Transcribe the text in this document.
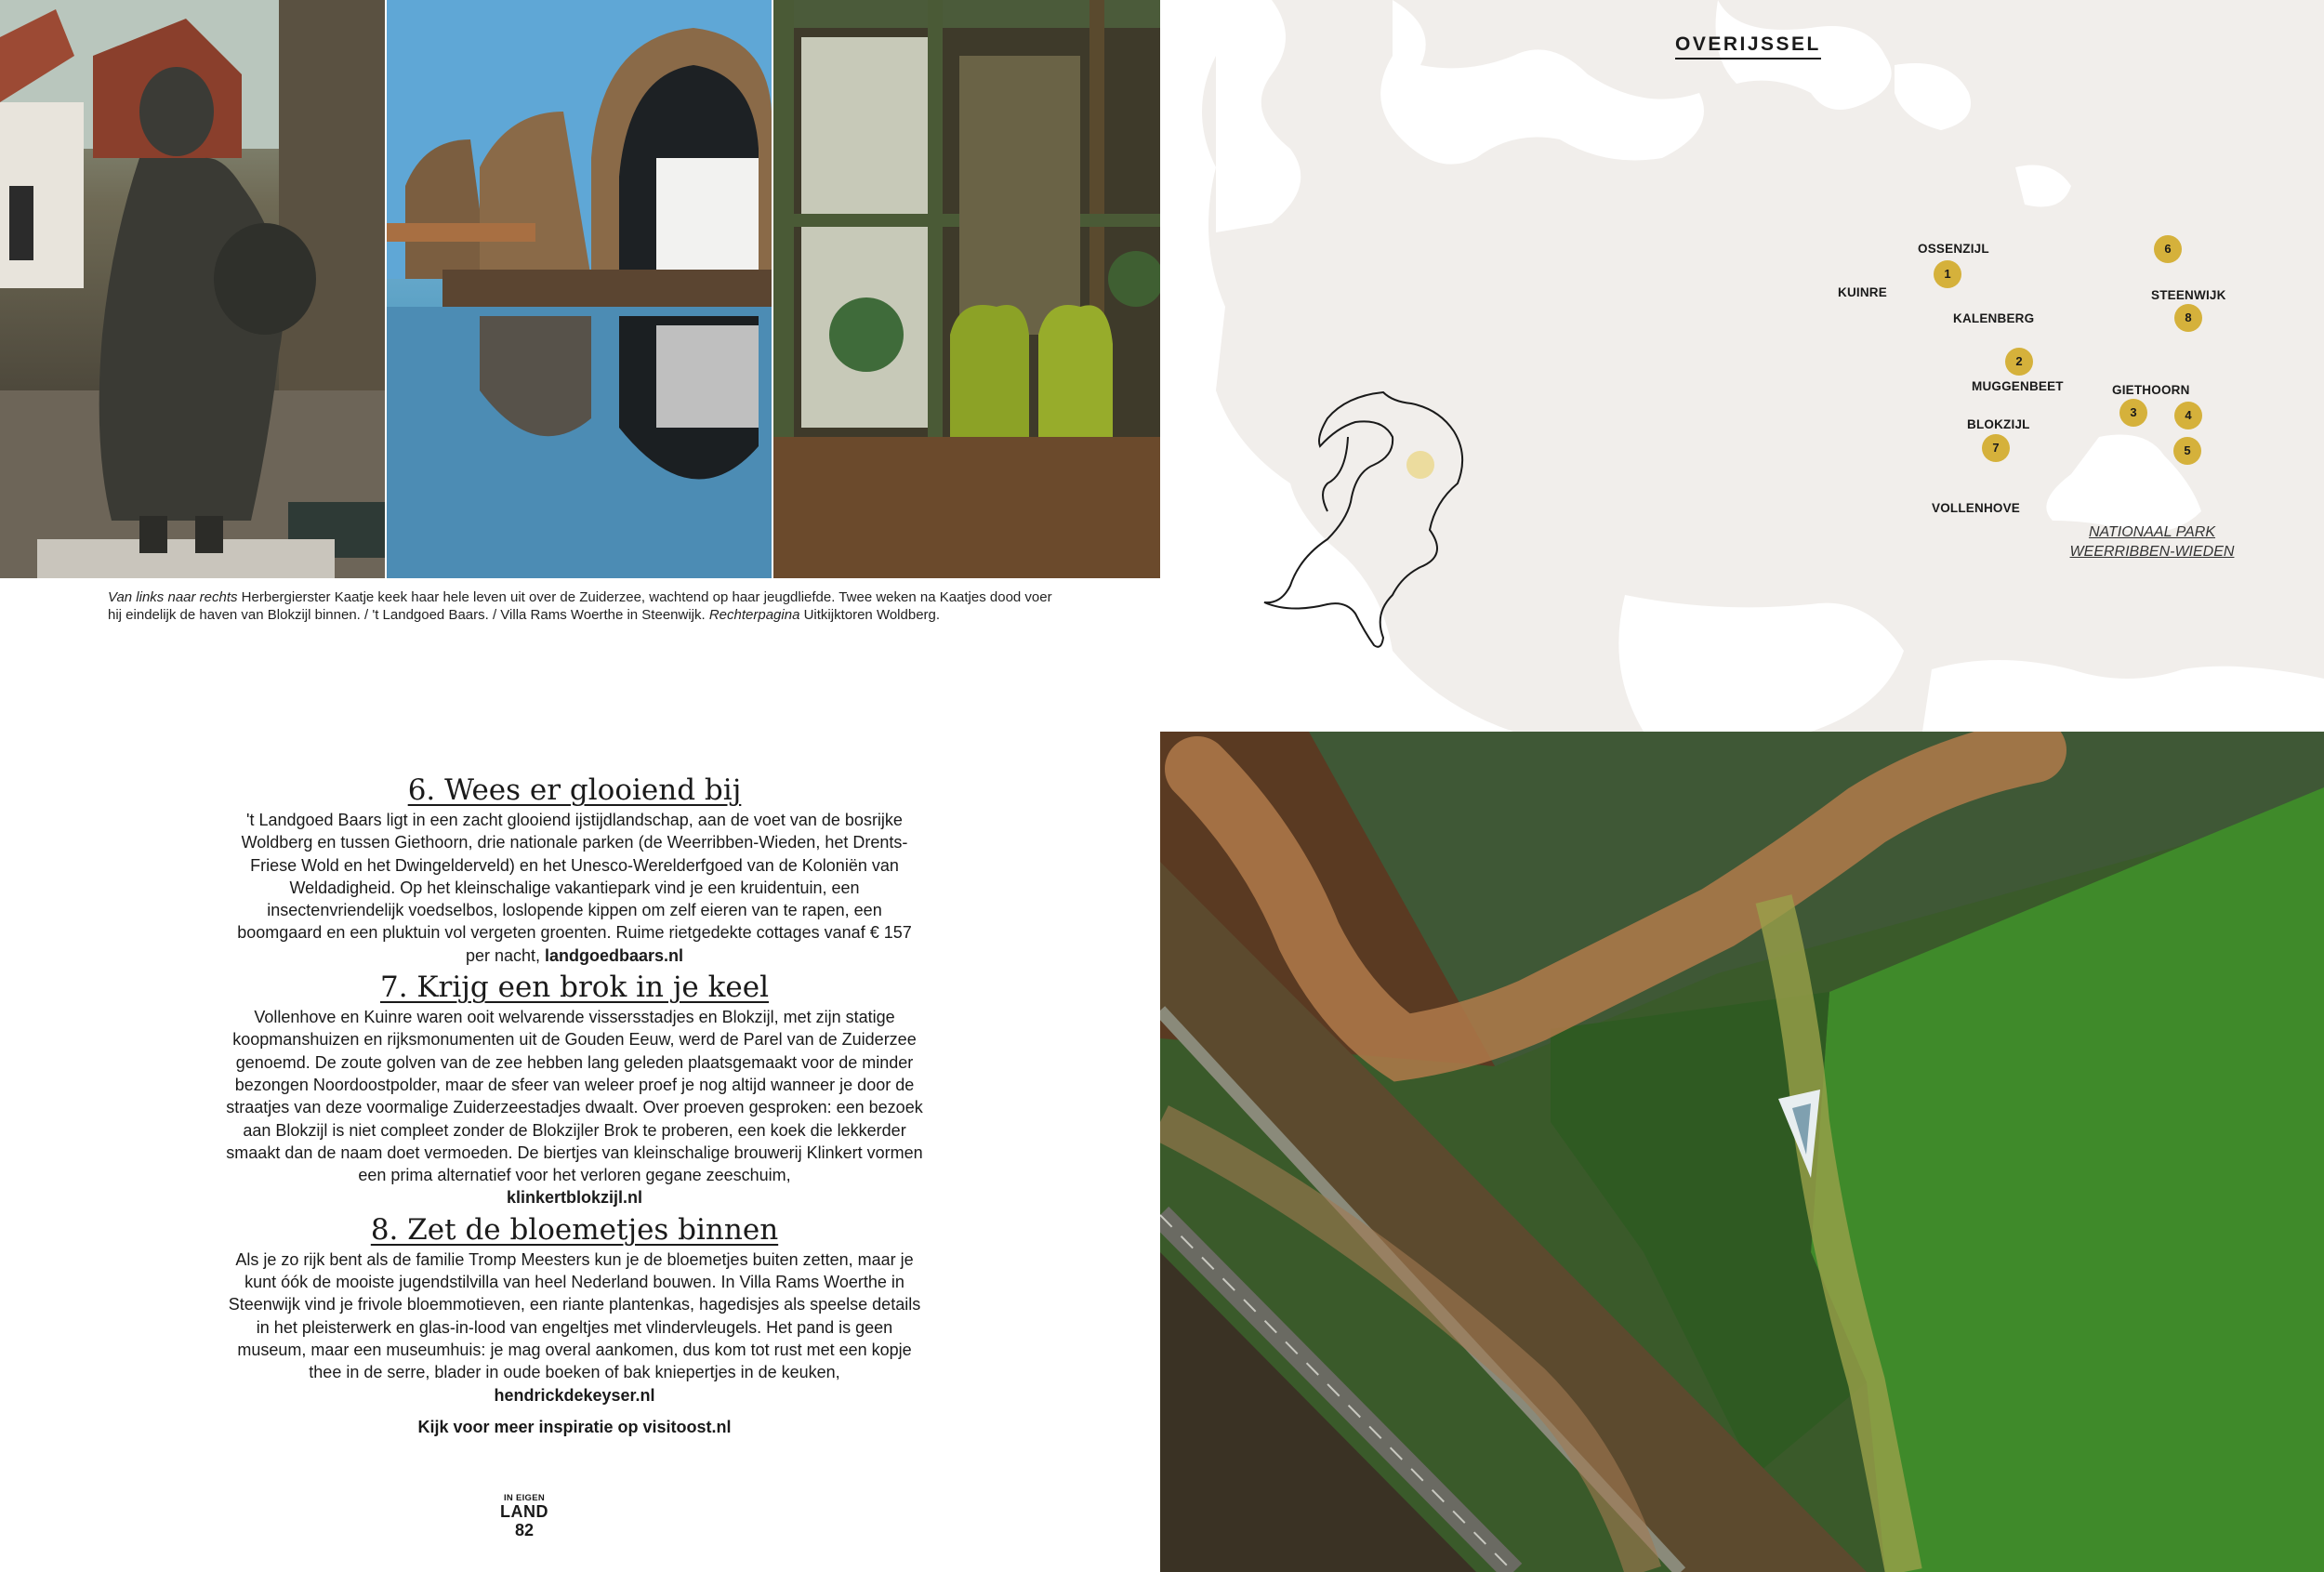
Van links naar rechts Herbergierster Kaatje keek haar hele leven uit over de Zuiderzee, wachtend op haar jeugdliefde. Twee weken na Kaatjes dood voer hij eindelijk de haven van Blokzijl binnen. / 't Landgoed Baars. / Villa Rams Woerthe in Steenwijk. Rechterpagina Uitkijktoren Woldberg.
OVERIJSSEL
OSSENZIJL
KUINRE
KALENBERG
STEENWIJK
MUGGENBEET	GIETHOORN
BLOKZIJL
VOLLENHOVE
NATIONAAL PARK
WEERRIBBEN-WIEDEN
1
2
3	4
5
6
7
8
6. Wees er glooiend bij

't Landgoed Baars ligt in een zacht glooiend ijstijdlandschap, aan de voet van de bosrijke Woldberg en tussen Giethoorn, drie nationale parken (de Weerribben-Wieden, het Drents-Friese Wold en het Dwingelderveld) en het Unesco-Werelderfgoed van de Koloniën van Weldadigheid. Op het kleinschalige vakantiepark vind je een kruidentuin, een insectenvriendelijk voedselbos, loslopende kippen om zelf eieren van te rapen, een boomgaard en een pluktuin vol vergeten groenten. Ruime rietgedekte cottages vanaf € 157 per nacht, landgoedbaars.nl

7. Krijg een brok in je keel

Vollenhove en Kuinre waren ooit welvarende vissersstadjes en Blokzijl, met zijn statige koopmanshuizen en rijksmonumenten uit de Gouden Eeuw, werd de Parel van de Zuiderzee genoemd. De zoute golven van de zee hebben lang geleden plaatsgemaakt voor de minder bezongen Noordoostpolder, maar de sfeer van weleer proef je nog altijd wanneer je door de straatjes van deze voormalige Zuiderzeestadjes dwaalt. Over proeven gesproken: een bezoek aan Blokzijl is niet compleet zonder de Blokzijler Brok te proberen, een koek die lekkerder smaakt dan de naam doet vermoeden. De biertjes van kleinschalige brouwerij Klinkert vormen een prima alternatief voor het verloren gegane zeeschuim,
klinkertblokzijl.nl

8. Zet de bloemetjes binnen

Als je zo rijk bent als de familie Tromp Meesters kun je de bloemetjes buiten zetten, maar je kunt óók de mooiste jugendstilvilla van heel Nederland bouwen. In Villa Rams Woerthe in Steenwijk vind je frivole bloemmotieven, een riante plantenkas, hagedisjes als speelse details in het pleisterwerk en glas-in-lood van engeltjes met vlindervleugels. Het pand is geen museum, maar een museumhuis: je mag overal aankomen, dus kom tot rust met een kopje thee in de serre, blader in oude boeken of bak kniepertjes in de keuken,
hendrickdekeyser.nl

Kijk voor meer inspiratie op visitoost.nl
IN EIGEN
LAND
82
